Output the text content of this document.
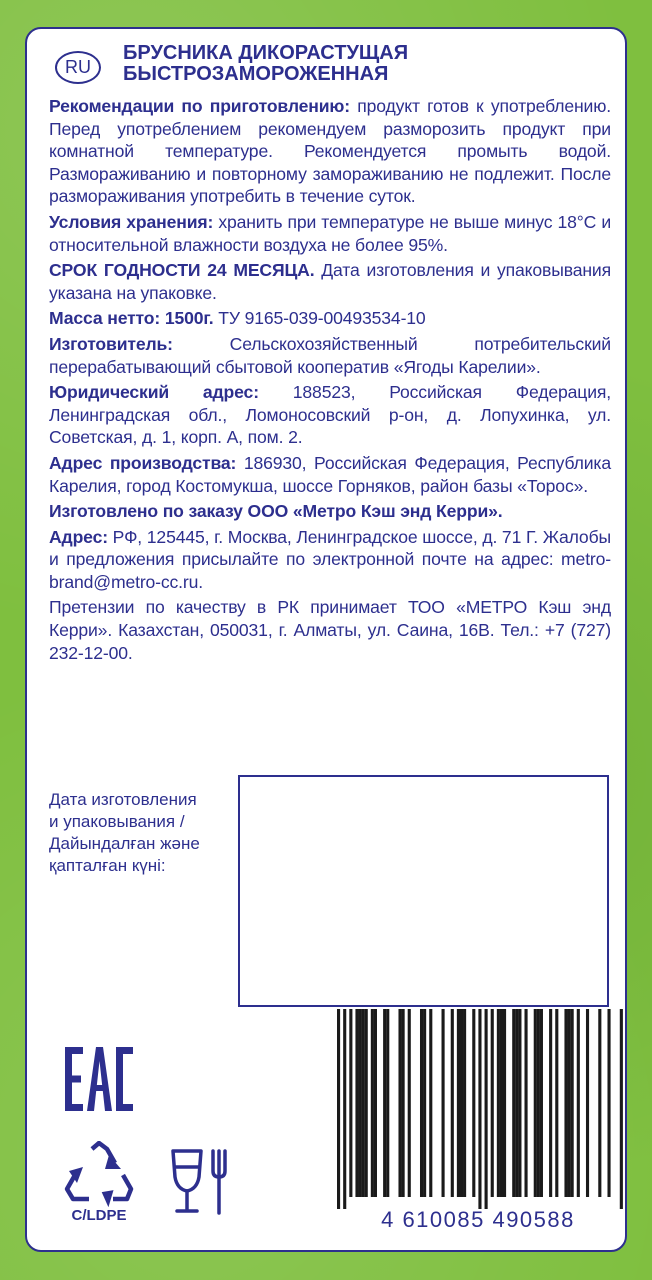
RU
БРУСНИКА ДИКОРАСТУЩАЯ
БЫСТРОЗАМОРОЖЕННАЯ

Рекомендации по приготовлению: продукт готов к употреблению. Перед употреблением рекомендуем разморозить продукт при комнатной температуре. Рекомендуется промыть водой. Размораживанию и повторному замораживанию не подлежит. После размораживания употребить в течение суток.

Условия хранения: хранить при температуре не выше минус 18°С и относительной влажности воздуха не более 95%.

СРОК ГОДНОСТИ 24 МЕСЯЦА. Дата изготовления и упаковывания указана на упаковке.

Масса нетто: 1500г. ТУ 9165-039-00493534-10

Изготовитель: Сельскохозяйственный потребительский перерабатывающий сбытовой кооператив «Ягоды Карелии».

Юридический адрес: 188523, Российская Федерация, Ленинградская обл., Ломоносовский р-он, д. Лопухинка, ул. Советская, д. 1, корп. А, пом. 2.

Адрес производства: 186930, Российская Федерация, Республика Карелия, город Костомукша, шоссе Горняков, район базы «Торос».

Изготовлено по заказу ООО «Метро Кэш энд Керри».

Адрес: РФ, 125445, г. Москва, Ленинградское шоссе, д. 71 Г. Жалобы и предложения присылайте по электронной почте на адрес: metro-brand@metro-cc.ru.

Претензии по качеству в РК принимает ТОО «МЕТРО Кэш энд Керри». Казахстан, 050031, г. Алматы, ул. Саина, 16В. Тел.: +7 (727) 232-12-00.

Дата изготовления
и упаковывания /
Дайындалған және
қапталған күні:
C/LDPE	4 610085 490588
